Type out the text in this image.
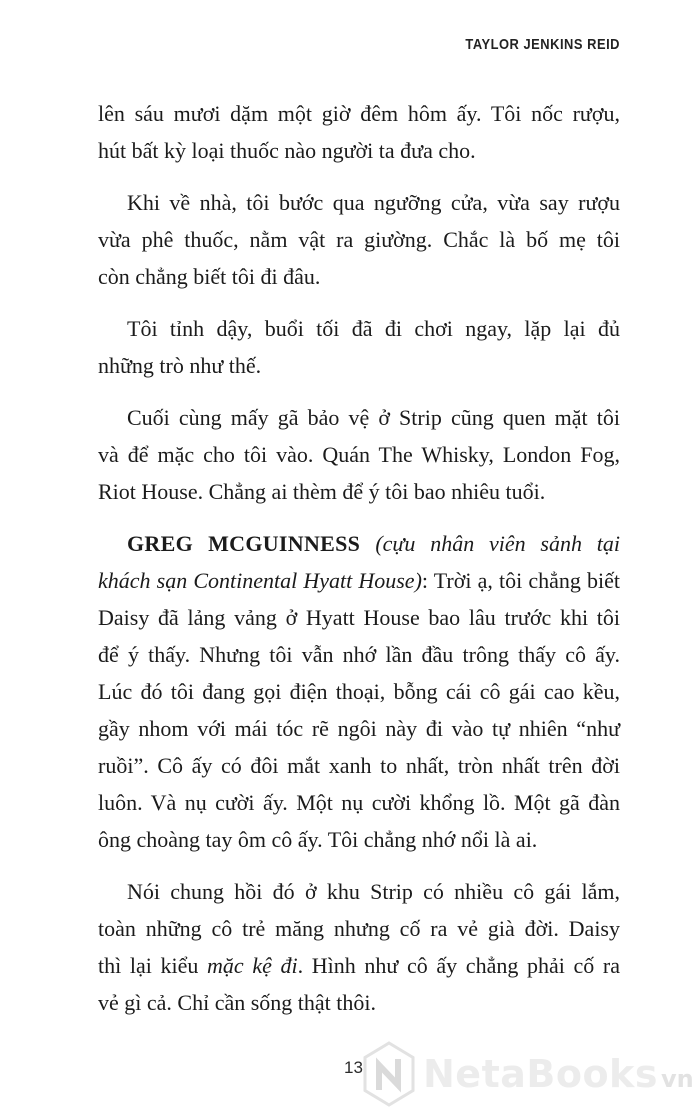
TAYLOR JENKINS REID
lên sáu mươi dặm một giờ đêm hôm ấy. Tôi nốc rượu,
hút bất kỳ loại thuốc nào người ta đưa cho.
Khi về nhà, tôi bước qua ngưỡng cửa, vừa say rượu
vừa phê thuốc, nằm vật ra giường. Chắc là bố mẹ tôi
còn chẳng biết tôi đi đâu.
Tôi tỉnh dậy, buổi tối đã đi chơi ngay, lặp lại đủ
những trò như thế.
Cuối cùng mấy gã bảo vệ ở Strip cũng quen mặt tôi
và để mặc cho tôi vào. Quán The Whisky, London Fog,
Riot House. Chẳng ai thèm để ý tôi bao nhiêu tuổi.
GREG MCGUINNESS (cựu nhân viên sảnh tại
khách sạn Continental Hyatt House): Trời ạ, tôi chẳng biết
Daisy đã lảng vảng ở Hyatt House bao lâu trước khi tôi
để ý thấy. Nhưng tôi vẫn nhớ lần đầu trông thấy cô ấy.
Lúc đó tôi đang gọi điện thoại, bỗng cái cô gái cao kều,
gầy nhom với mái tóc rẽ ngôi này đi vào tự nhiên “như
ruồi”. Cô ấy có đôi mắt xanh to nhất, tròn nhất trên đời
luôn. Và nụ cười ấy. Một nụ cười khổng lồ. Một gã đàn
ông choàng tay ôm cô ấy. Tôi chẳng nhớ nổi là ai.
Nói chung hồi đó ở khu Strip có nhiều cô gái lắm,
toàn những cô trẻ măng nhưng cố ra vẻ già đời. Daisy
thì lại kiểu mặc kệ đi. Hình như cô ấy chẳng phải cố ra
vẻ gì cả. Chỉ cần sống thật thôi.
13 NetaBooks vn
